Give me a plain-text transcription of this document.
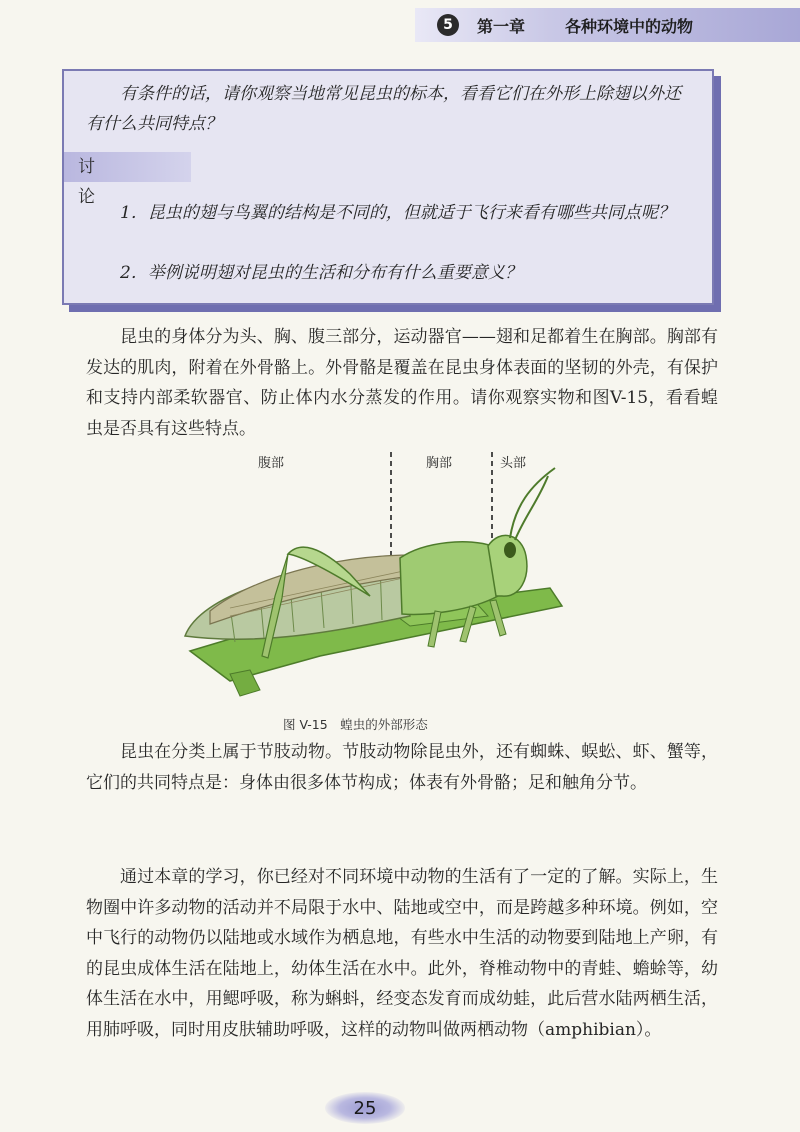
5	第一章	各种环境中的动物
有条件的话，请你观察当地常见昆虫的标本，看看它们在外形上除翅以外还有什么共同特点？
讨论
1．昆虫的翅与鸟翼的结构是不同的，但就适于飞行来看有哪些共同点呢？
2．举例说明翅对昆虫的生活和分布有什么重要意义？
昆虫的身体分为头、胸、腹三部分，运动器官——翅和足都着生在胸部。胸部有发达的肌肉，附着在外骨骼上。外骨骼是覆盖在昆虫身体表面的坚韧的外壳，有保护和支持内部柔软器官、防止体内水分蒸发的作用。请你观察实物和图V-15，看看蝗虫是否具有这些特点。
腹部	胸部	头部
图 V-15　蝗虫的外部形态
昆虫在分类上属于节肢动物。节肢动物除昆虫外，还有蜘蛛、蜈蚣、虾、蟹等，它们的共同特点是：身体由很多体节构成；体表有外骨骼；足和触角分节。
通过本章的学习，你已经对不同环境中动物的生活有了一定的了解。实际上，生物圈中许多动物的活动并不局限于水中、陆地或空中，而是跨越多种环境。例如，空中飞行的动物仍以陆地或水域作为栖息地，有些水中生活的动物要到陆地上产卵，有的昆虫成体生活在陆地上，幼体生活在水中。此外，脊椎动物中的青蛙、蟾蜍等，幼体生活在水中，用鳃呼吸，称为蝌蚪，经变态发育而成幼蛙，此后营水陆两栖生活，用肺呼吸，同时用皮肤辅助呼吸，这样的动物叫做两栖动物（amphibian）。
25
